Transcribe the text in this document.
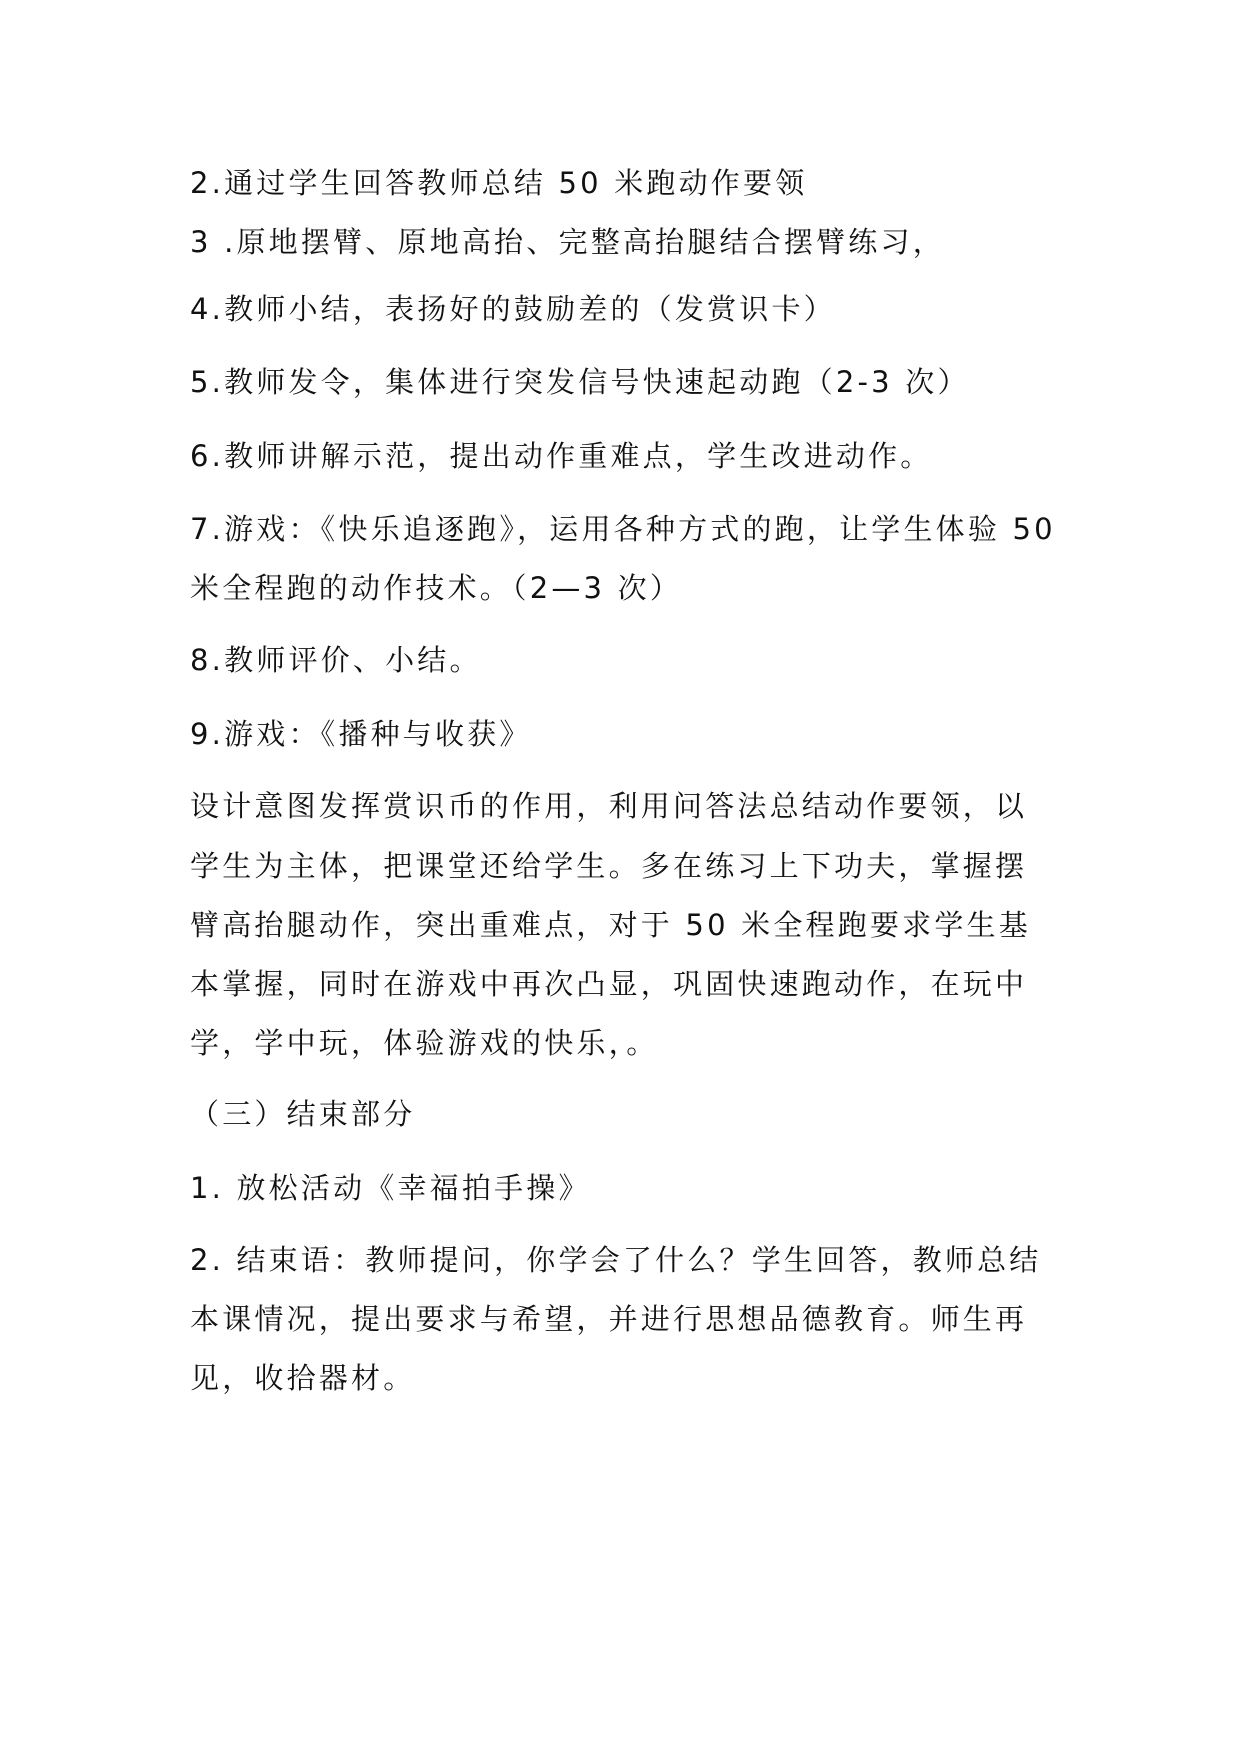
2.通过学生回答教师总结 50 米跑动作要领
3 .原地摆臂、原地高抬、完整高抬腿结合摆臂练习，
4.教师小结，表扬好的鼓励差的（发赏识卡）
5.教师发令，集体进行突发信号快速起动跑（2-3 次）
6.教师讲解示范，提出动作重难点，学生改进动作。
7.游戏：《快乐追逐跑》，运用各种方式的跑，让学生体验 50
米全程跑的动作技术。（2—3 次）
8.教师评价、小结。
9.游戏：《播种与收获》
设计意图发挥赏识币的作用，利用问答法总结动作要领，以
学生为主体，把课堂还给学生。多在练习上下功夫，掌握摆
臂高抬腿动作，突出重难点，对于 50 米全程跑要求学生基
本掌握，同时在游戏中再次凸显，巩固快速跑动作，在玩中
学，学中玩，体验游戏的快乐，。
（三）结束部分
1. 放松活动《幸福拍手操》
2. 结束语：教师提问，你学会了什么？学生回答，教师总结
本课情况，提出要求与希望，并进行思想品德教育。师生再
见，收拾器材。
